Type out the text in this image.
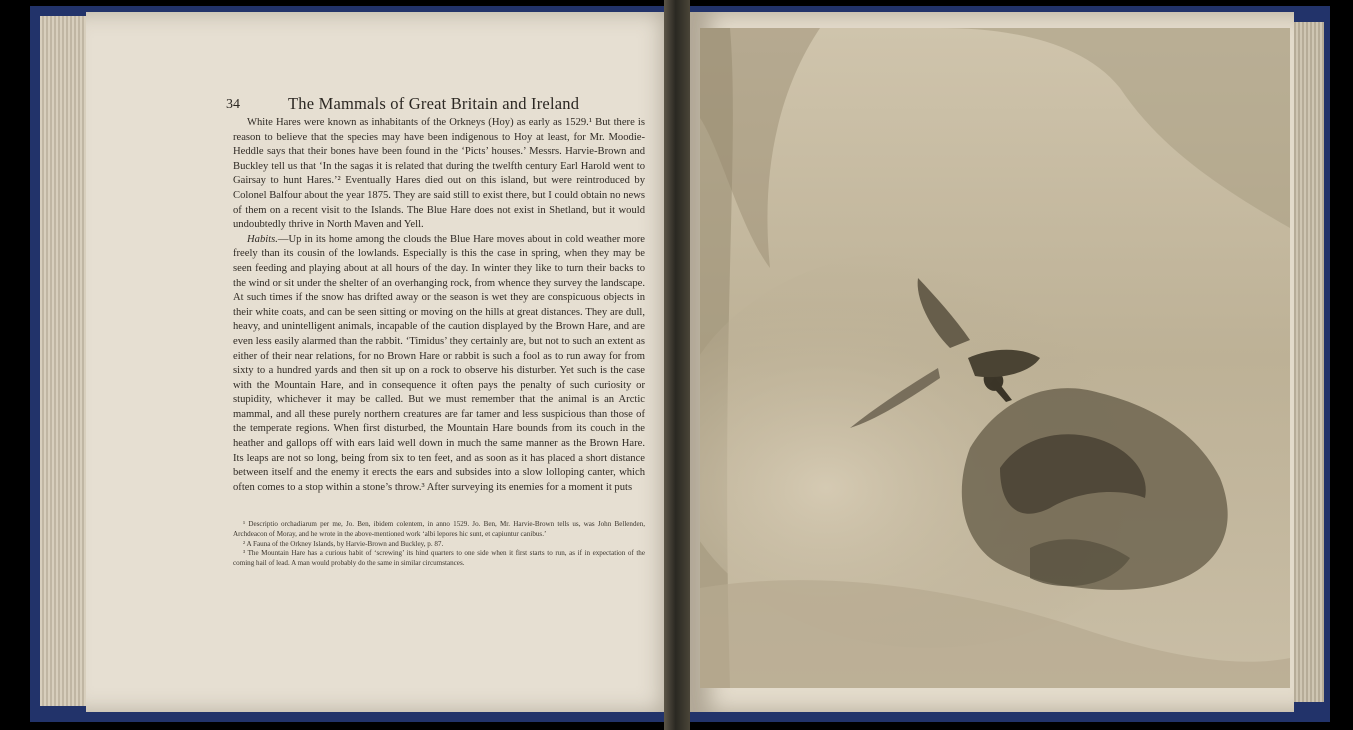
34	The Mammals of Great Britain and Ireland

White Hares were known as inhabitants of the Orkneys (Hoy) as early as 1529.¹ But there is reason to believe that the species may have been indigenous to Hoy at least, for Mr. Moodie-Heddle says that their bones have been found in the ‘Picts’ houses.’ Messrs. Harvie-Brown and Buckley tell us that ‘In the sagas it is related that during the twelfth century Earl Harold went to Gairsay to hunt Hares.’² Eventually Hares died out on this island, but were reintroduced by Colonel Balfour about the year 1875. They are said still to exist there, but I could obtain no news of them on a recent visit to the Islands. The Blue Hare does not exist in Shetland, but it would undoubtedly thrive in North Maven and Yell.

Habits.—Up in its home among the clouds the Blue Hare moves about in cold weather more freely than its cousin of the lowlands. Especially is this the case in spring, when they may be seen feeding and playing about at all hours of the day. In winter they like to turn their backs to the wind or sit under the shelter of an overhanging rock, from whence they survey the landscape. At such times if the snow has drifted away or the season is wet they are conspicuous objects in their white coats, and can be seen sitting or moving on the hills at great distances. They are dull, heavy, and unintelligent animals, incapable of the caution displayed by the Brown Hare, and are even less easily alarmed than the rabbit. ‘Timidus’ they certainly are, but not to such an extent as either of their near relations, for no Brown Hare or rabbit is such a fool as to run away for from sixty to a hundred yards and then sit up on a rock to observe his disturber. Yet such is the case with the Mountain Hare, and in consequence it often pays the penalty of such curiosity or stupidity, whichever it may be called. But we must remember that the animal is an Arctic mammal, and all these purely northern creatures are far tamer and less suspicious than those of the temperate regions. When first disturbed, the Mountain Hare bounds from its couch in the heather and gallops off with ears laid well down in much the same manner as the Brown Hare. Its leaps are not so long, being from six to ten feet, and as soon as it has placed a short distance between itself and the enemy it erects the ears and subsides into a slow lolloping canter, which often comes to a stop within a stone’s throw.³ After surveying its enemies for a moment it puts

¹ Descriptio orchadiarum per me, Jo. Ben, ibidem colentem, in anno 1529. Jo. Ben, Mr. Harvie-Brown tells us, was John Bellenden, Archdeacon of Moray, and he wrote in the above-mentioned work ‘albi lepores hic sunt, et capiuntur canibus.’

² A Fauna of the Orkney Islands, by Harvie-Brown and Buckley, p. 87.

³ The Mountain Hare has a curious habit of ‘screwing’ its hind quarters to one side when it first starts to run, as if in expectation of the coming hail of lead. A man would probably do the same in similar circumstances.
